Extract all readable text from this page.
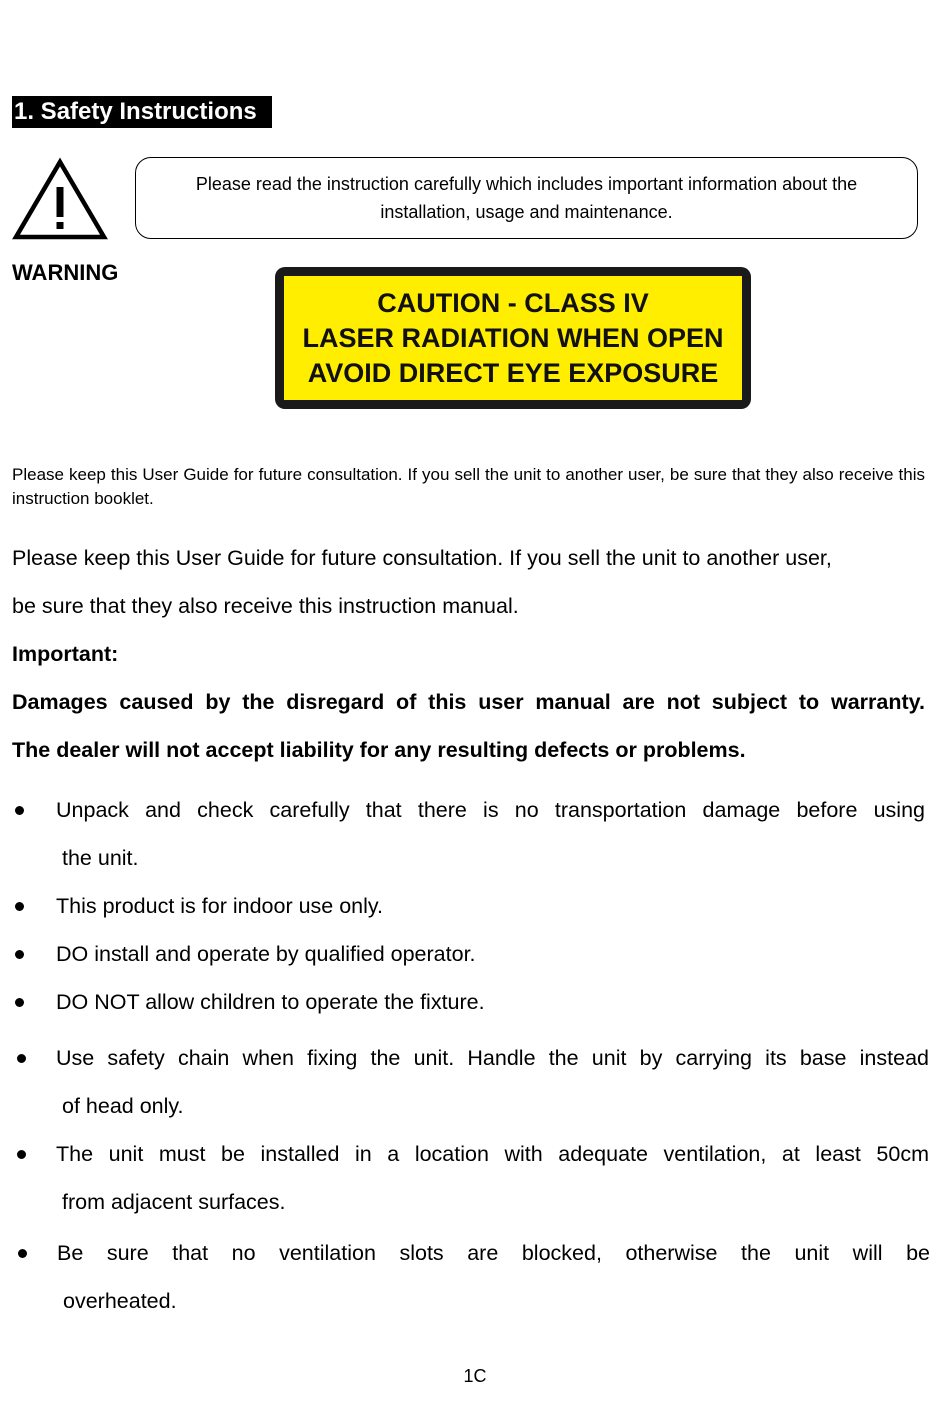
1. Safety Instructions
WARNING
Please read the instruction carefully which includes important information about the installation, usage and maintenance.
CAUTION - CLASS IV
LASER RADIATION WHEN OPEN
AVOID DIRECT EYE EXPOSURE
Please keep this User Guide for future consultation. If you sell the unit to another user, be sure that they also receive this instruction booklet.
Please keep this User Guide for future consultation. If you sell the unit to another user,
be sure that they also receive this instruction manual.
Important:
Damages caused by the disregard of this user manual are not subject to warranty.
The dealer will not accept liability for any resulting defects or problems.
Unpack and check carefully that there is no transportation damage before using
the unit.
This product is for indoor use only.
DO install and operate by qualified operator.
DO NOT allow children to operate the fixture.
Use safety chain when fixing the unit. Handle the unit by carrying its base instead
of head only.
The unit must be installed in a location with adequate ventilation, at least 50cm
from adjacent surfaces.
Be sure that no ventilation slots are blocked, otherwise the unit will be
overheated.
1C
